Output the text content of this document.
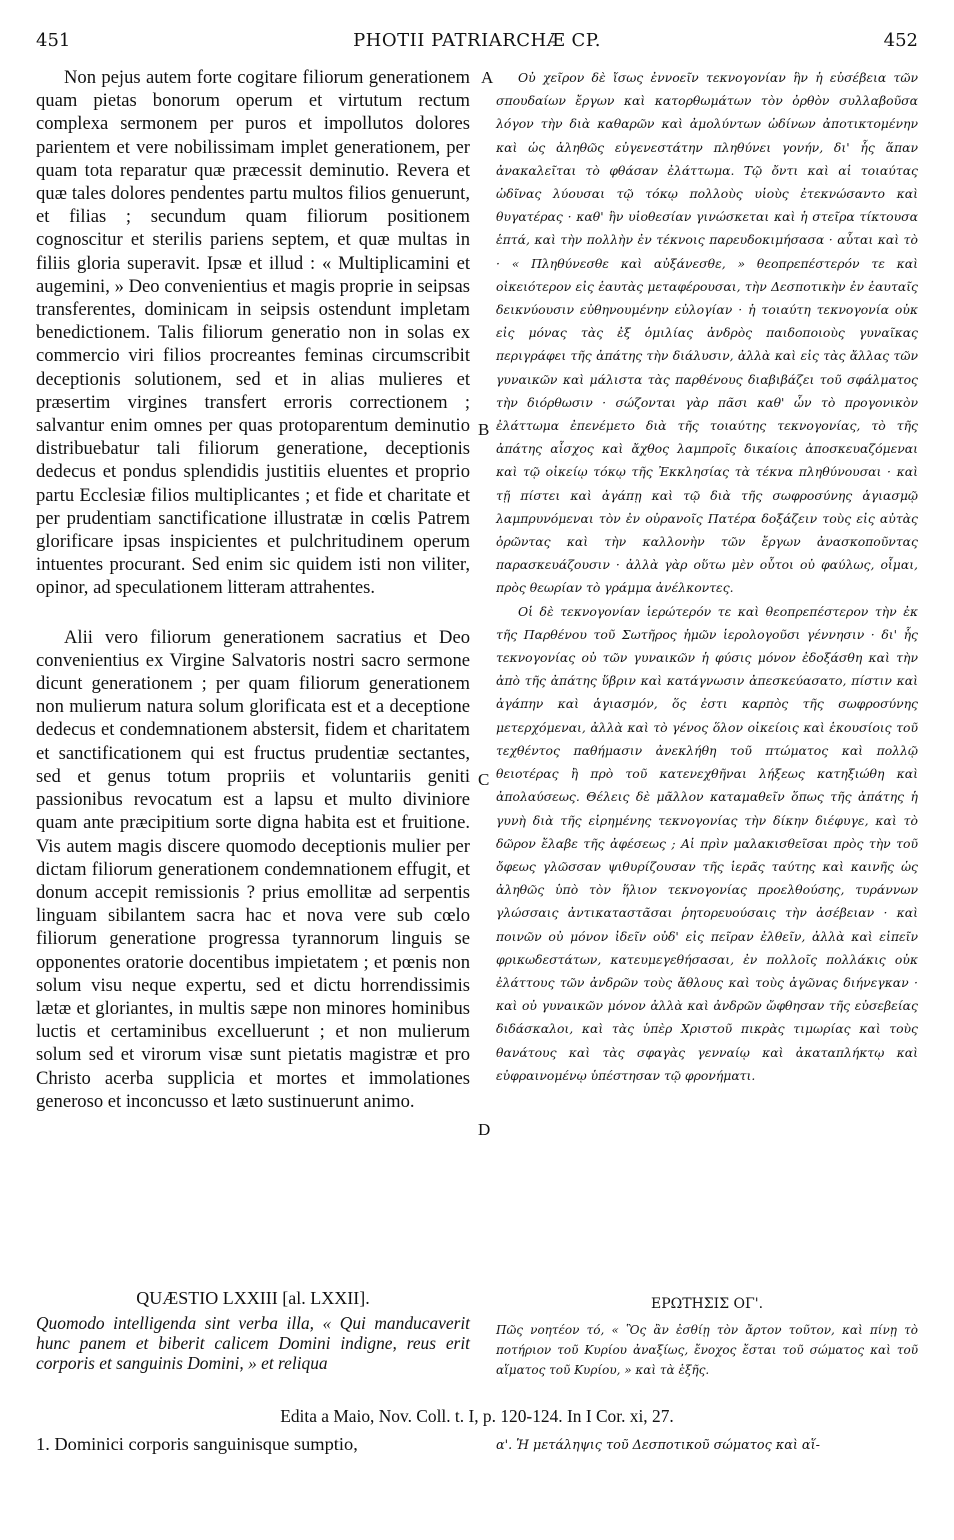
451	PHOTII PATRIARCHÆ CP.	452

Non pejus autem forte cogitare filiorum generationem quam pietas bonorum operum et virtutum rectum complexa sermonem per puros et impollutos dolores parientem et vere nobilissimam implet generationem, per quam tota reparatur quæ præcessit deminutio. Revera et quæ tales dolores pendentes partu multos filios genuerunt, et filias ; secundum quam filiorum positionem cognoscitur et sterilis pariens septem, et quæ multas in filiis gloria superavit. Ipsæ et illud : « Multiplicamini et augemini, » Deo convenientius et magis proprie in seipsas transferentes, dominicam in seipsis ostendunt impletam benedictionem. Talis filiorum generatio non in solas ex commercio viri filios procreantes feminas circumscribit deceptionis solutionem, sed et in alias mulieres et præsertim virgines transfert erroris correctionem ; salvantur enim omnes per quas protoparentum deminutio distribuebatur tali filiorum generatione, deceptionis dedecus et pondus splendidis justitiis eluentes et proprio partu Ecclesiæ filios multiplicantes ; et fide et charitate et per prudentiam sanctificatione illustratæ in cœlis Patrem glorificare ipsas inspicientes et pulchritudinem operum intuentes procurant. Sed enim sic quidem isti non viliter, opinor, ad speculationem litteram attrahentes.

Alii vero filiorum generationem sacratius et Deo convenientius ex Virgine Salvatoris nostri sacro sermone dicunt generationem ; per quam filiorum generationem non mulierum natura solum glorificata est et a deceptione dedecus et condemnationem abstersit, fidem et charitatem et sanctificationem qui est fructus prudentiæ sectantes, sed et genus totum propriis et voluntariis geniti passionibus revocatum est a lapsu et multo diviniore quam ante præcipitium sorte digna habita est et fruitione. Vis autem magis discere quomodo deceptionis mulier per dictam filiorum generationem condemnationem effugit, et donum accepit remissionis ? prius emollitæ ad serpentis linguam sibilantem sacra hac et nova vere sub cœlo filiorum generatione progressa tyrannorum linguis se opponentes oratorie docentibus impietatem ; et pœnis non solum visu neque expertu, sed et dictu horrendissimis lætæ et gloriantes, in multis sæpe non minores hominibus luctis et certaminibus excelluerunt ; et non mulierum solum sed et virorum visæ sunt pietatis magistræ et pro Christo acerba supplicia et mortes et immolationes generoso et inconcusso et læto sustinuerunt animo.

Οὐ χεῖρον δὲ ἴσως ἐννοεῖν τεκνογονίαν ἣν ἡ εὐσέβεια τῶν σπουδαίων ἔργων καὶ κατορθωμάτων τὸν ὀρθὸν συλλαβοῦσα λόγον τὴν διὰ καθαρῶν καὶ ἀμολύντων ὠδίνων ἀποτικτομένην καὶ ὡς ἀληθῶς εὐγενεστάτην πληθύνει γονήν, δι' ἧς ἅπαν ἀνακαλεῖται τὸ φθάσαν ἐλάττωμα. Τῷ ὄντι καὶ αἱ τοιαύτας ὠδῖνας λύουσαι τῷ τόκῳ πολλοὺς υἱοὺς ἐτεκνώσαντο καὶ θυγατέρας · καθ' ἣν υἱοθεσίαν γινώσκεται καὶ ἡ στεῖρα τίκτουσα ἑπτά, καὶ τὴν πολλὴν ἐν τέκνοις παρευδοκιμήσασα · αὗται καὶ τὸ · « Πληθύνεσθε καὶ αὐξάνεσθε, » θεοπρεπέστερόν τε καὶ οἰκειότερον εἰς ἑαυτὰς μεταφέρουσαι, τὴν Δεσποτικὴν ἐν ἑαυταῖς δεικνύουσιν εὐθηνουμένην εὐλογίαν · ἡ τοιαύτη τεκνογονία οὐκ εἰς μόνας τὰς ἐξ ὁμιλίας ἀνδρὸς παιδοποιοὺς γυναῖκας περιγράφει τῆς ἀπάτης τὴν διάλυσιν, ἀλλὰ καὶ εἰς τὰς ἄλλας τῶν γυναικῶν καὶ μάλιστα τὰς παρθένους διαβιβάζει τοῦ σφάλματος τὴν διόρθωσιν · σώζονται γὰρ πᾶσι καθ' ὧν τὸ προγονικὸν ἐλάττωμα ἐπενέμετο διὰ τῆς τοιαύτης τεκνογονίας, τὸ τῆς ἀπάτης αἶσχος καὶ ἄχθος λαμπροῖς δικαίοις ἀποσκευαζόμεναι καὶ τῷ οἰκείῳ τόκῳ τῆς Ἐκκλησίας τὰ τέκνα πληθύνουσαι · καὶ τῇ πίστει καὶ ἀγάπῃ καὶ τῷ διὰ τῆς σωφροσύνης ἁγιασμῷ λαμπρυνόμεναι τὸν ἐν οὐρανοῖς Πατέρα δοξάζειν τοὺς εἰς αὐτὰς ὁρῶντας καὶ τὴν καλλονὴν τῶν ἔργων ἀνασκοποῦντας παρασκευάζουσιν · ἀλλὰ γὰρ οὕτω μὲν οὗτοι οὐ φαύλως, οἶμαι, πρὸς θεωρίαν τὸ γράμμα ἀνέλκοντες.

Οἱ δὲ τεκνογονίαν ἱερώτερόν τε καὶ θεοπρεπέστερον τὴν ἐκ τῆς Παρθένου τοῦ Σωτῆρος ἡμῶν ἱερολογοῦσι γέννησιν · δι' ἧς τεκνογονίας οὐ τῶν γυναικῶν ἡ φύσις μόνον ἐδοξάσθη καὶ τὴν ἀπὸ τῆς ἀπάτης ὕβριν καὶ κατάγνωσιν ἀπεσκεύασατο, πίστιν καὶ ἀγάπην καὶ ἁγιασμόν, ὅς ἐστι καρπὸς τῆς σωφροσύνης μετερχόμεναι, ἀλλὰ καὶ τὸ γένος ὅλον οἰκείοις καὶ ἑκουσίοις τοῦ τεχθέντος παθήμασιν ἀνεκλήθη τοῦ πτώματος καὶ πολλῷ θειοτέρας ἢ πρὸ τοῦ κατενεχθῆναι λήξεως κατηξιώθη καὶ ἀπολαύσεως. Θέλεις δὲ μᾶλλον καταμαθεῖν ὅπως τῆς ἀπάτης ἡ γυνὴ διὰ τῆς εἰρημένης τεκνογονίας τὴν δίκην διέφυγε, καὶ τὸ δῶρον ἔλαβε τῆς ἀφέσεως ; Αἱ πρὶν μαλακισθεῖσαι πρὸς τὴν τοῦ ὄφεως γλῶσσαν ψιθυρίζουσαν τῆς ἱερᾶς ταύτης καὶ καινῆς ὡς ἀληθῶς ὑπὸ τὸν ἥλιον τεκνογονίας προελθούσης, τυράννων γλώσσαις ἀντικαταστᾶσαι ῥητορευούσαις τὴν ἀσέβειαν · καὶ ποινῶν οὐ μόνον ἰδεῖν οὐδ' εἰς πεῖραν ἐλθεῖν, ἀλλὰ καὶ εἰπεῖν φρικωδεστάτων, κατευμεγεθήσασαι, ἐν πολλοῖς πολλάκις οὐκ ἐλάττους τῶν ἀνδρῶν τοὺς ἄθλους καὶ τοὺς ἀγῶνας διήνεγκαν · καὶ οὐ γυναικῶν μόνον ἀλλὰ καὶ ἀνδρῶν ὤφθησαν τῆς εὐσεβείας διδάσκαλοι, καὶ τὰς ὑπὲρ Χριστοῦ πικρὰς τιμωρίας καὶ τοὺς θανάτους καὶ τὰς σφαγὰς γενναίῳ καὶ ἀκαταπλήκτῳ καὶ εὐφραινομένῳ ὑπέστησαν τῷ φρονήματι.

A
B
C
D
QUÆSTIO LXXIII [al. LXXII].
Quomodo intelligenda sint verba illa, « Qui manducaverit hunc panem et biberit calicem Domini indigne, reus erit corporis et sanguinis Domini, » et reliqua
ΕΡΩΤΗΣΙΣ ΟΓ'.
Πῶς νοητέον τό, « Ὃς ἂν ἐσθίῃ τὸν ἄρτον τοῦτον, καὶ πίνῃ τὸ ποτήριον τοῦ Κυρίου ἀναξίως, ἔνοχος ἔσται τοῦ σώματος καὶ τοῦ αἵματος τοῦ Κυρίου, » καὶ τὰ ἑξῆς.
Edita a Maio, Nov. Coll. t. I, p. 120-124. In I Cor. xi, 27.
1. Dominici corporis sanguinisque sumptio,	α'. Ἡ μετάληψις τοῦ Δεσποτικοῦ σώματος καὶ αἵ-
